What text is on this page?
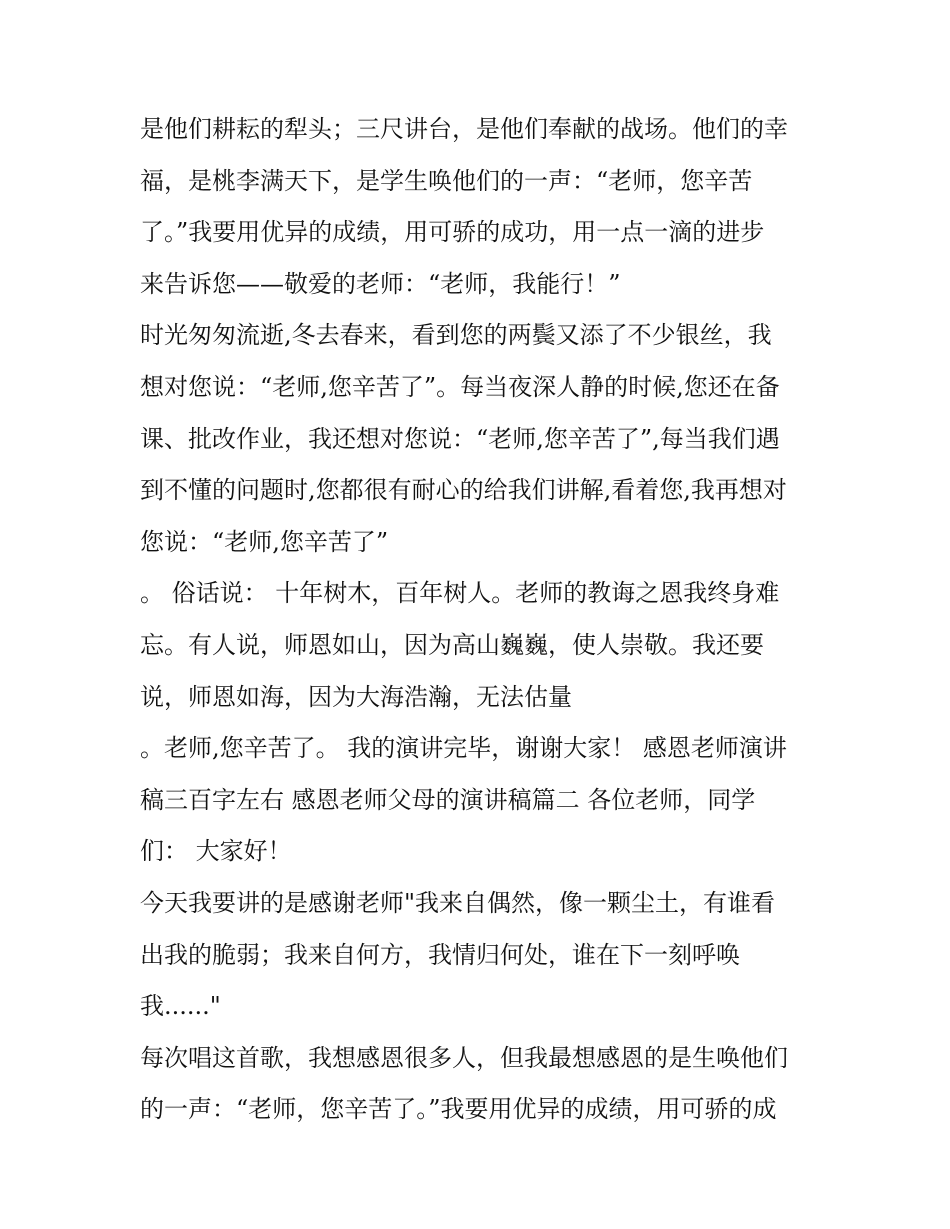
是他们耕耘的犁头；三尺讲台，是他们奉献的战场。他们的幸
福，是桃李满天下，是学生唤他们的一声：“老师，您辛苦
了。”我要用优异的成绩，用可骄的成功，用一点一滴的进步
来告诉您——敬爱的老师：“老师，我能行！”
时光匆匆流逝,冬去春来，看到您的两鬓又添了不少银丝，我
想对您说：“老师,您辛苦了”。每当夜深人静的时候,您还在备
课、批改作业，我还想对您说：“老师,您辛苦了”,每当我们遇
到不懂的问题时,您都很有耐心的给我们讲解,看着您,我再想对
您说：“老师,您辛苦了”
。 俗话说： 十年树木，百年树人。老师的教诲之恩我终身难
忘。有人说，师恩如山，因为高山巍巍，使人崇敬。我还要
说，师恩如海，因为大海浩瀚，无法估量
。老师,您辛苦了。 我的演讲完毕，谢谢大家！ 感恩老师演讲
稿三百字左右 感恩老师父母的演讲稿篇二 各位老师，同学
们： 大家好！
今天我要讲的是感谢老师"我来自偶然，像一颗尘土，有谁看
出我的脆弱；我来自何方，我情归何处，谁在下一刻呼唤
我......"
每次唱这首歌，我想感恩很多人，但我最想感恩的是生唤他们
的一声：“老师，您辛苦了。”我要用优异的成绩，用可骄的成
